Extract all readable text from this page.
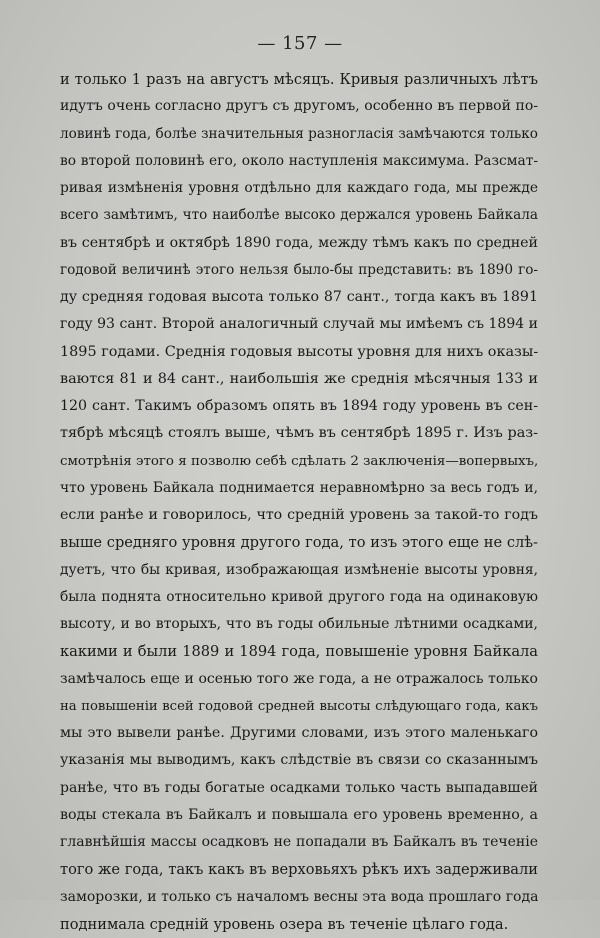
— 157 —
и только 1 разъ на августъ мѣсяцъ. Кривыя различныхъ лѣтъ
идутъ очень согласно другъ съ другомъ, особенно въ первой по-
ловинѣ года, болѣе значительныя разногласія замѣчаются только
во второй половинѣ его, около наступленія максимума. Разсмат-
ривая измѣненія уровня отдѣльно для каждаго года, мы прежде
всего замѣтимъ, что наиболѣе высоко держался уровень Байкала
въ сентябрѣ и октябрѣ 1890 года, между тѣмъ какъ по средней
годовой величинѣ этого нельзя было-бы представить: въ 1890 го-
ду средняя годовая высота только 87 сант., тогда какъ въ 1891
году 93 сант. Второй аналогичный случай мы имѣемъ съ 1894 и
1895 годами. Среднія годовыя высоты уровня для нихъ оказы-
ваются 81 и 84 сант., наибольшія же среднія мѣсячныя 133 и
120 сант. Такимъ образомъ опять въ 1894 году уровень въ сен-
тябрѣ мѣсяцѣ стоялъ выше, чѣмъ въ сентябрѣ 1895 г. Изъ раз-
смотрѣнія этого я позволю себѣ сдѣлать 2 заключенія—вопервыхъ,
что уровень Байкала поднимается неравномѣрно за весь годъ и,
если ранѣе и говорилось, что средній уровень за такой-то годъ
выше средняго уровня другого года, то изъ этого еще не слѣ-
дуетъ, что бы кривая, изображающая измѣненіе высоты уровня,
была поднята относительно кривой другого года на одинаковую
высоту, и во вторыхъ, что въ годы обильные лѣтними осадками,
какими и были 1889 и 1894 года, повышеніе уровня Байкала
замѣчалось еще и осенью того же года, а не отражалось только
на повышеніи всей годовой средней высоты слѣдующаго года, какъ
мы это вывели ранѣе. Другими словами, изъ этого маленькаго
указанія мы выводимъ, какъ слѣдствіе въ связи со сказаннымъ
ранѣе, что въ годы богатые осадками только часть выпадавшей
воды стекала въ Байкалъ и повышала его уровень временно, а
главнѣйшія массы осадковъ не попадали въ Байкалъ въ теченіе
того же года, такъ какъ въ верховьяхъ рѣкъ ихъ задерживали
заморозки, и только съ началомъ весны эта вода прошлаго года
поднимала средній уровень озера въ теченіе цѣлаго года.
